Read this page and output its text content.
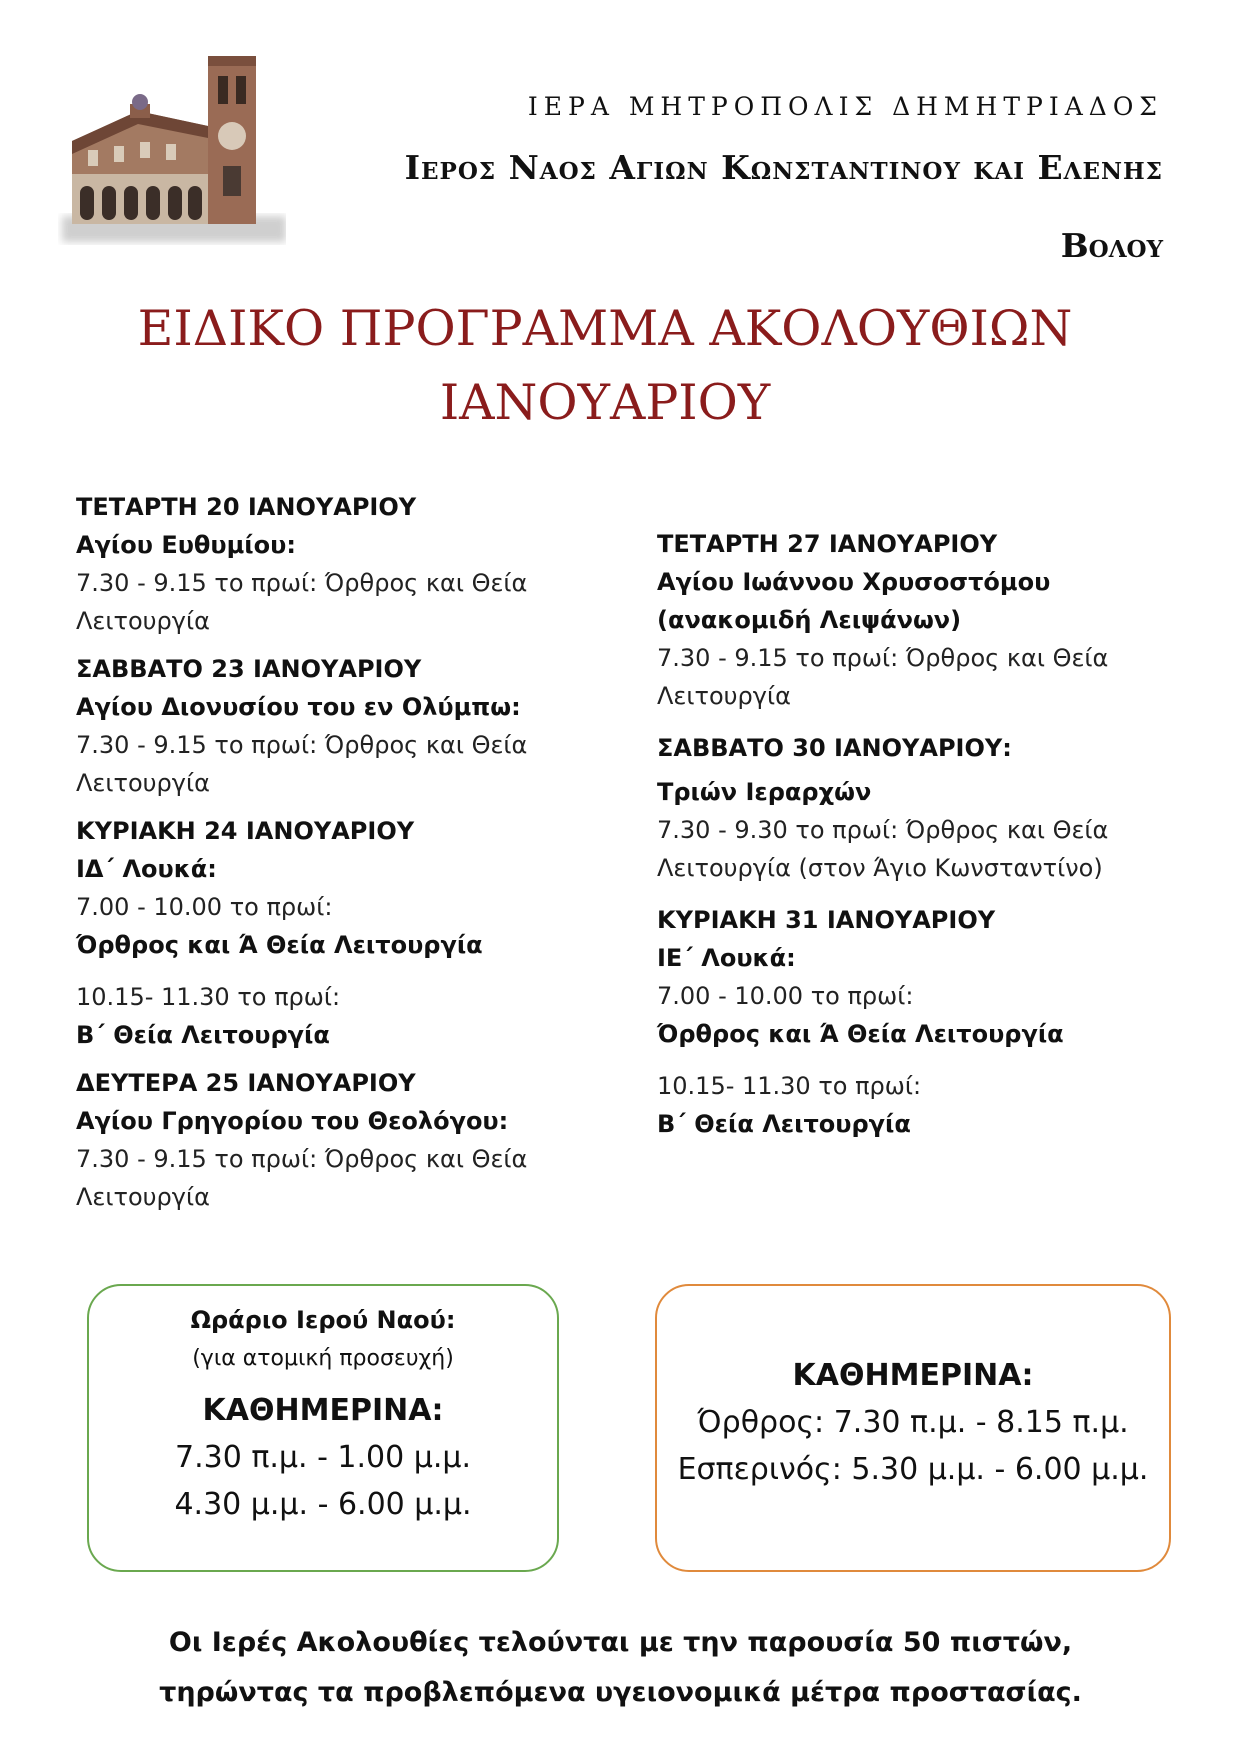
ΙΕΡΑ ΜΗΤΡΟΠΟΛΙΣ ΔΗΜΗΤΡΙΑΔΟΣ
Ιερος Ναος Αγιων Κωνσταντινου και Ελενης
Βολου
ΕΙΔΙΚΟ ΠΡΟΓΡΑΜΜΑ ΑΚΟΛΟΥΘΙΩΝ
ΙΑΝΟΥΑΡΙΟΥ
ΤΕΤΑΡΤΗ 20 ΙΑΝΟΥΑΡΙΟΥ
Αγίου Ευθυμίου:
7.30 - 9.15 το πρωί: Όρθρος και Θεία Λειτουργία
ΣΑΒΒΑΤΟ 23 ΙΑΝΟΥΑΡΙΟΥ
Αγίου Διονυσίου του εν Ολύμπω:
7.30 - 9.15 το πρωί: Όρθρος και Θεία Λειτουργία
ΚΥΡΙΑΚΗ 24 ΙΑΝΟΥΑΡΙΟΥ
ΙΔ΄ Λουκά:
7.00 - 10.00 το πρωί:
Όρθρος και Ά Θεία Λειτουργία
10.15- 11.30 το πρωί:
Β΄ Θεία Λειτουργία
ΔΕΥΤΕΡΑ 25 ΙΑΝΟΥΑΡΙΟΥ
Αγίου Γρηγορίου του Θεολόγου:
7.30 - 9.15 το πρωί: Όρθρος και Θεία Λειτουργία
ΤΕΤΑΡΤΗ 27 ΙΑΝΟΥΑΡΙΟΥ
Αγίου Ιωάννου Χρυσοστόμου (ανακομιδή Λειψάνων)
7.30 - 9.15 το πρωί: Όρθρος και Θεία Λειτουργία
ΣΑΒΒΑΤΟ 30 ΙΑΝΟΥΑΡΙΟΥ:
Τριών Ιεραρχών
7.30 - 9.30 το πρωί: Όρθρος και Θεία Λειτουργία (στον Άγιο Κωνσταντίνο)
ΚΥΡΙΑΚΗ 31 ΙΑΝΟΥΑΡΙΟΥ
ΙΕ΄ Λουκά:
7.00 - 10.00 το πρωί:
Όρθρος και Ά Θεία Λειτουργία
10.15- 11.30 το πρωί:
Β΄ Θεία Λειτουργία
Ωράριο Ιερού Ναού:
(για ατομική προσευχή)
ΚΑΘΗΜΕΡΙΝΑ:
7.30 π.μ. - 1.00 μ.μ.
4.30 μ.μ. - 6.00 μ.μ.
ΚΑΘΗΜΕΡΙΝΑ:
Όρθρος: 7.30 π.μ. - 8.15 π.μ.
Εσπερινός: 5.30 μ.μ. - 6.00 μ.μ.
Οι Ιερές Ακολουθίες τελούνται με την παρουσία 50 πιστών,
τηρώντας τα προβλεπόμενα υγειονομικά μέτρα προστασίας.
